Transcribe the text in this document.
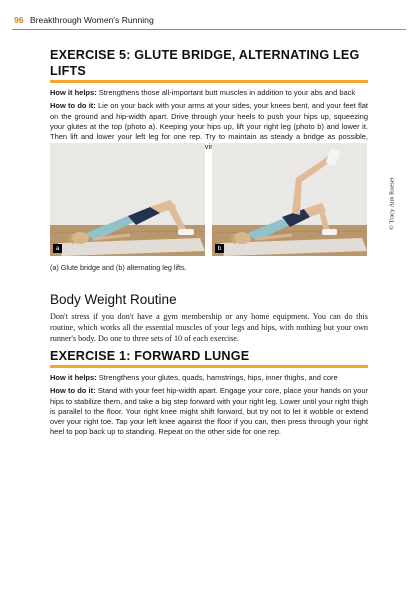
96 Breakthrough Women's Running
EXERCISE 5: GLUTE BRIDGE, ALTERNATING LEG LIFTS

How it helps: Strengthens those all-important butt muscles in addition to your abs and back

How to do it: Lie on your back with your arms at your sides, your knees bent, and your feet flat on the ground and hip-width apart. Drive through your heels to push your hips up, squeezing your glutes at the top (photo a). Keeping your hips up, lift your right leg (photo b) and lower it. Then lift and lower your left leg for one rep. Try to maintain as steady a bridge as possible, moving

a	b
© Tracy Ann Roeser
(a) Glute bridge and (b) alternating leg lifts.
Body Weight Routine

Don't stress if you don't have a gym membership or any home equipment. You can do this routine, which works all the essential muscles of your legs and hips, with nothing but your own runner's body. Do one to three sets of 10 of each exercise.

EXERCISE 1: FORWARD LUNGE

How it helps: Strengthens your glutes, quads, hamstrings, hips, inner thighs, and core

How to do it: Stand with your feet hip-width apart. Engage your core, place your hands on your hips to stabilize them, and take a big step forward with your right leg. Lower until your right thigh is parallel to the floor. Your right knee might shift forward, but try not to let it wobble or extend over your right toe. Tap your left knee against the floor if you can, then press through your right heel to pop back up to standing. Repeat on the other side for one rep.
